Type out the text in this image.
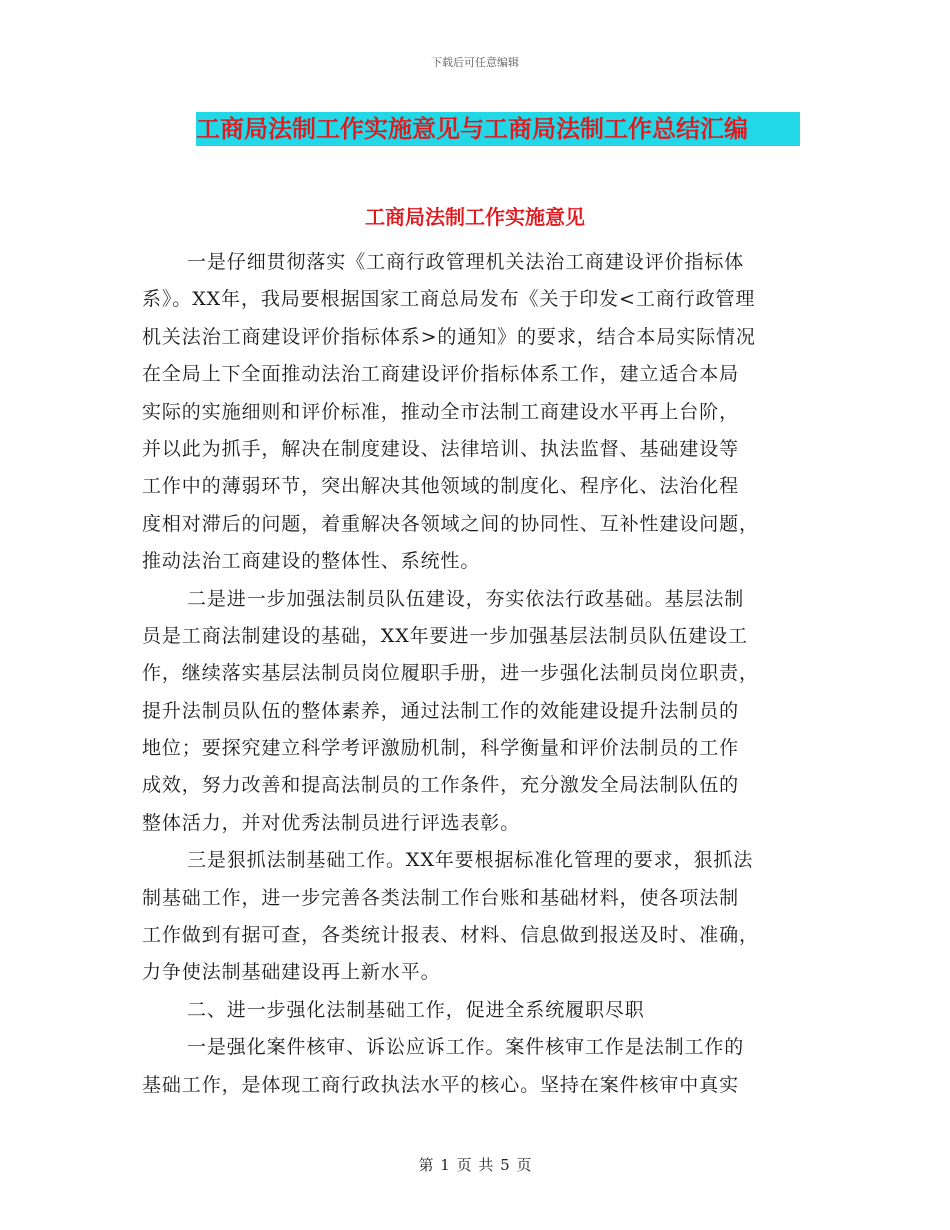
下载后可任意编辑
工商局法制工作实施意见与工商局法制工作总结汇编
工商局法制工作实施意见
一是仔细贯彻落实《工商行政管理机关法治工商建设评价指标体
系》。XX年，我局要根据国家工商总局发布《关于印发<工商行政管理
机关法治工商建设评价指标体系>的通知》的要求，结合本局实际情况
在全局上下全面推动法治工商建设评价指标体系工作，建立适合本局
实际的实施细则和评价标准，推动全市法制工商建设水平再上台阶，
并以此为抓手，解决在制度建设、法律培训、执法监督、基础建设等
工作中的薄弱环节，突出解决其他领域的制度化、程序化、法治化程
度相对滞后的问题，着重解决各领域之间的协同性、互补性建设问题，
推动法治工商建设的整体性、系统性。
二是进一步加强法制员队伍建设，夯实依法行政基础。基层法制
员是工商法制建设的基础，XX年要进一步加强基层法制员队伍建设工
作，继续落实基层法制员岗位履职手册，进一步强化法制员岗位职责，
提升法制员队伍的整体素养，通过法制工作的效能建设提升法制员的
地位；要探究建立科学考评激励机制，科学衡量和评价法制员的工作
成效，努力改善和提高法制员的工作条件，充分激发全局法制队伍的
整体活力，并对优秀法制员进行评选表彰。
三是狠抓法制基础工作。XX年要根据标准化管理的要求，狠抓法
制基础工作，进一步完善各类法制工作台账和基础材料，使各项法制
工作做到有据可查，各类统计报表、材料、信息做到报送及时、准确，
力争使法制基础建设再上新水平。
二、进一步强化法制基础工作，促进全系统履职尽职
一是强化案件核审、诉讼应诉工作。案件核审工作是法制工作的
基础工作，是体现工商行政执法水平的核心。坚持在案件核审中真实
第 1 页 共 5 页
